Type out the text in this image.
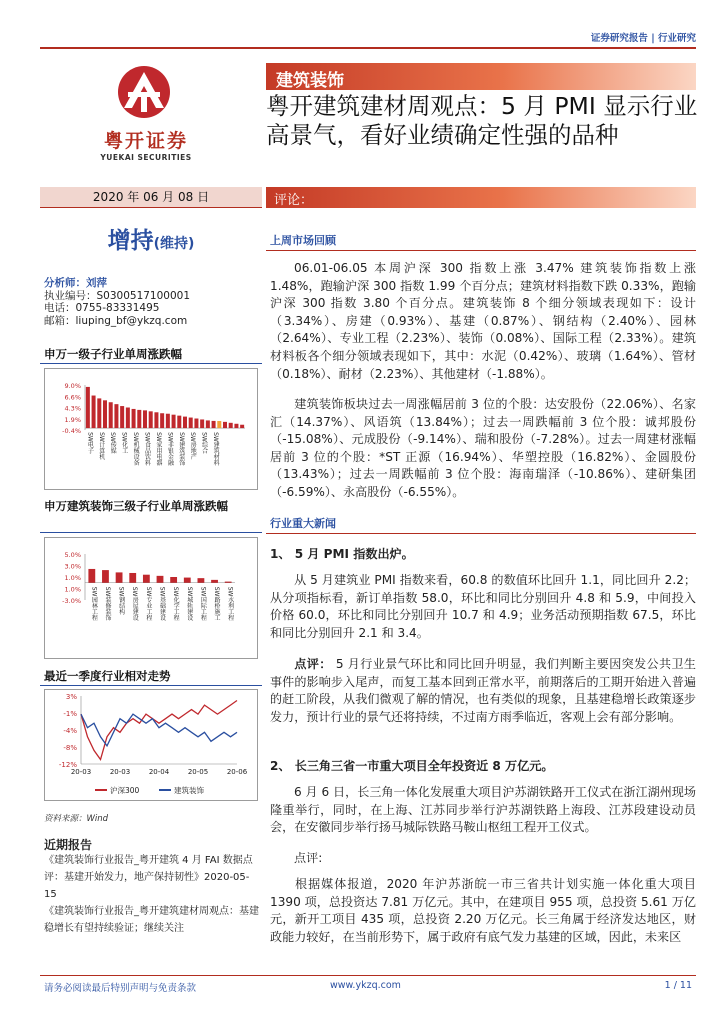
证券研究报告 | 行业研究
粤开证券
YUEKAI SECURITIES
建筑装饰
粤开建筑建材周观点：5 月 PMI 显示行业高景气，看好业绩确定性强的品种
2020 年 06 月 08 日	评论：
增持(维持)
分析师：刘萍
执业编号：S0300517100001
电话：0755-83331495
邮箱：liuping_bf@ykzq.com
申万一级子行业单周涨跌幅
9.0%
6.6%
4.3%
1.9%
-0.4%
SW电子 SW计算机 SW传媒 SW化工 SW机械设备 SW食品饮料 SW家用电器 SW非银金融 SW建筑装饰 SW房地产 SW综合 SW建筑材料
申万建筑装饰三级子行业单周涨跌幅
5.0%
3.0%
1.0%
1.0%
-3.0% SW园林工程 SW装修装饰 SW钢结构 SW房屋建设 SW专业工程 SW基础建设 SW化学工程 SW城轨建设 SW国际工程 SW路桥施工 SW水利工程
最近一季度行业相对走势
3%
-1%
-4%
-8%
-12%
20-03	20-03	20-04	20-05	20-06
沪深300	建筑装饰
资料来源：Wind
近期报告
《建筑装饰行业报告_粤开建筑 4 月 FAI 数据点评：基建开始发力，地产保持韧性》2020-05-15
《建筑装饰行业报告_粤开建筑建材周观点：基建稳增长有望持续验证；继续关注
上周市场回顾
06.01-06.05 本周沪深 300 指数上涨 3.47% 建筑装饰指数上涨 1.48%，跑输沪深 300 指数 1.99 个百分点；建筑材料指数下跌 0.33%，跑输沪深 300 指数 3.80 个百分点。建筑装饰 8 个细分领域表现如下：设计（3.34%）、房建（0.93%）、基建（0.87%）、钢结构（2.40%）、园林（2.64%）、专业工程（2.23%）、装饰（0.08%）、国际工程（2.33%）。建筑材料板各个细分领域表现如下，其中：水泥（0.42%）、玻璃（1.64%）、管材（0.18%）、耐材（2.23%）、其他建材（-1.88%）。
建筑装饰板块过去一周涨幅居前 3 位的个股：达安股份（22.06%）、名家汇（14.37%）、风语筑（13.84%）；过去一周跌幅前 3 位个股：诚邦股份（-15.08%）、元成股份（-9.14%）、瑞和股份（-7.28%）。过去一周建材涨幅居前 3 位的个股：*ST 正源（16.94%）、华塑控股（16.82%）、金圆股份（13.43%）；过去一周跌幅前 3 位个股：海南瑞泽（-10.86%）、建研集团（-6.59%）、永高股份（-6.55%）。
行业重大新闻
1、 5 月 PMI 指数出炉。
从 5 月建筑业 PMI 指数来看，60.8 的数值环比回升 1.1，同比回升 2.2；从分项指标看，新订单指数 58.0，环比和同比分别回升 4.8 和 5.9，中间投入价格 60.0，环比和同比分别回升 10.7 和 4.9；业务活动预期指数 67.5，环比和同比分别回升 2.1 和 3.4。
点评： 5 月行业景气环比和同比回升明显，我们判断主要因突发公共卫生事件的影响步入尾声，而复工基本回到正常水平，前期落后的工期开始进入普遍的赶工阶段，从我们微观了解的情况，也有类似的现象，且基建稳增长政策逐步发力，预计行业的景气还将持续，不过南方雨季临近，客观上会有部分影响。
2、 长三角三省一市重大项目全年投资近 8 万亿元。
6 月 6 日，长三角一体化发展重大项目沪苏湖铁路开工仪式在浙江湖州现场隆重举行，同时，在上海、江苏同步举行沪苏湖铁路上海段、江苏段建设动员会，在安徽同步举行扬马城际铁路马鞍山枢纽工程开工仪式。
点评:
根据媒体报道，2020 年沪苏浙皖一市三省共计划实施一体化重大项目 1390 项，总投资达 7.81 万亿元。其中，在建项目 955 项，总投资 5.61 万亿元，新开工项目 435 项，总投资 2.20 万亿元。长三角属于经济发达地区，财政能力较好，在当前形势下，属于政府有底气发力基建的区域，因此，未来区
请务必阅读最后特别声明与免责条款	www.ykzq.com	1 / 11
